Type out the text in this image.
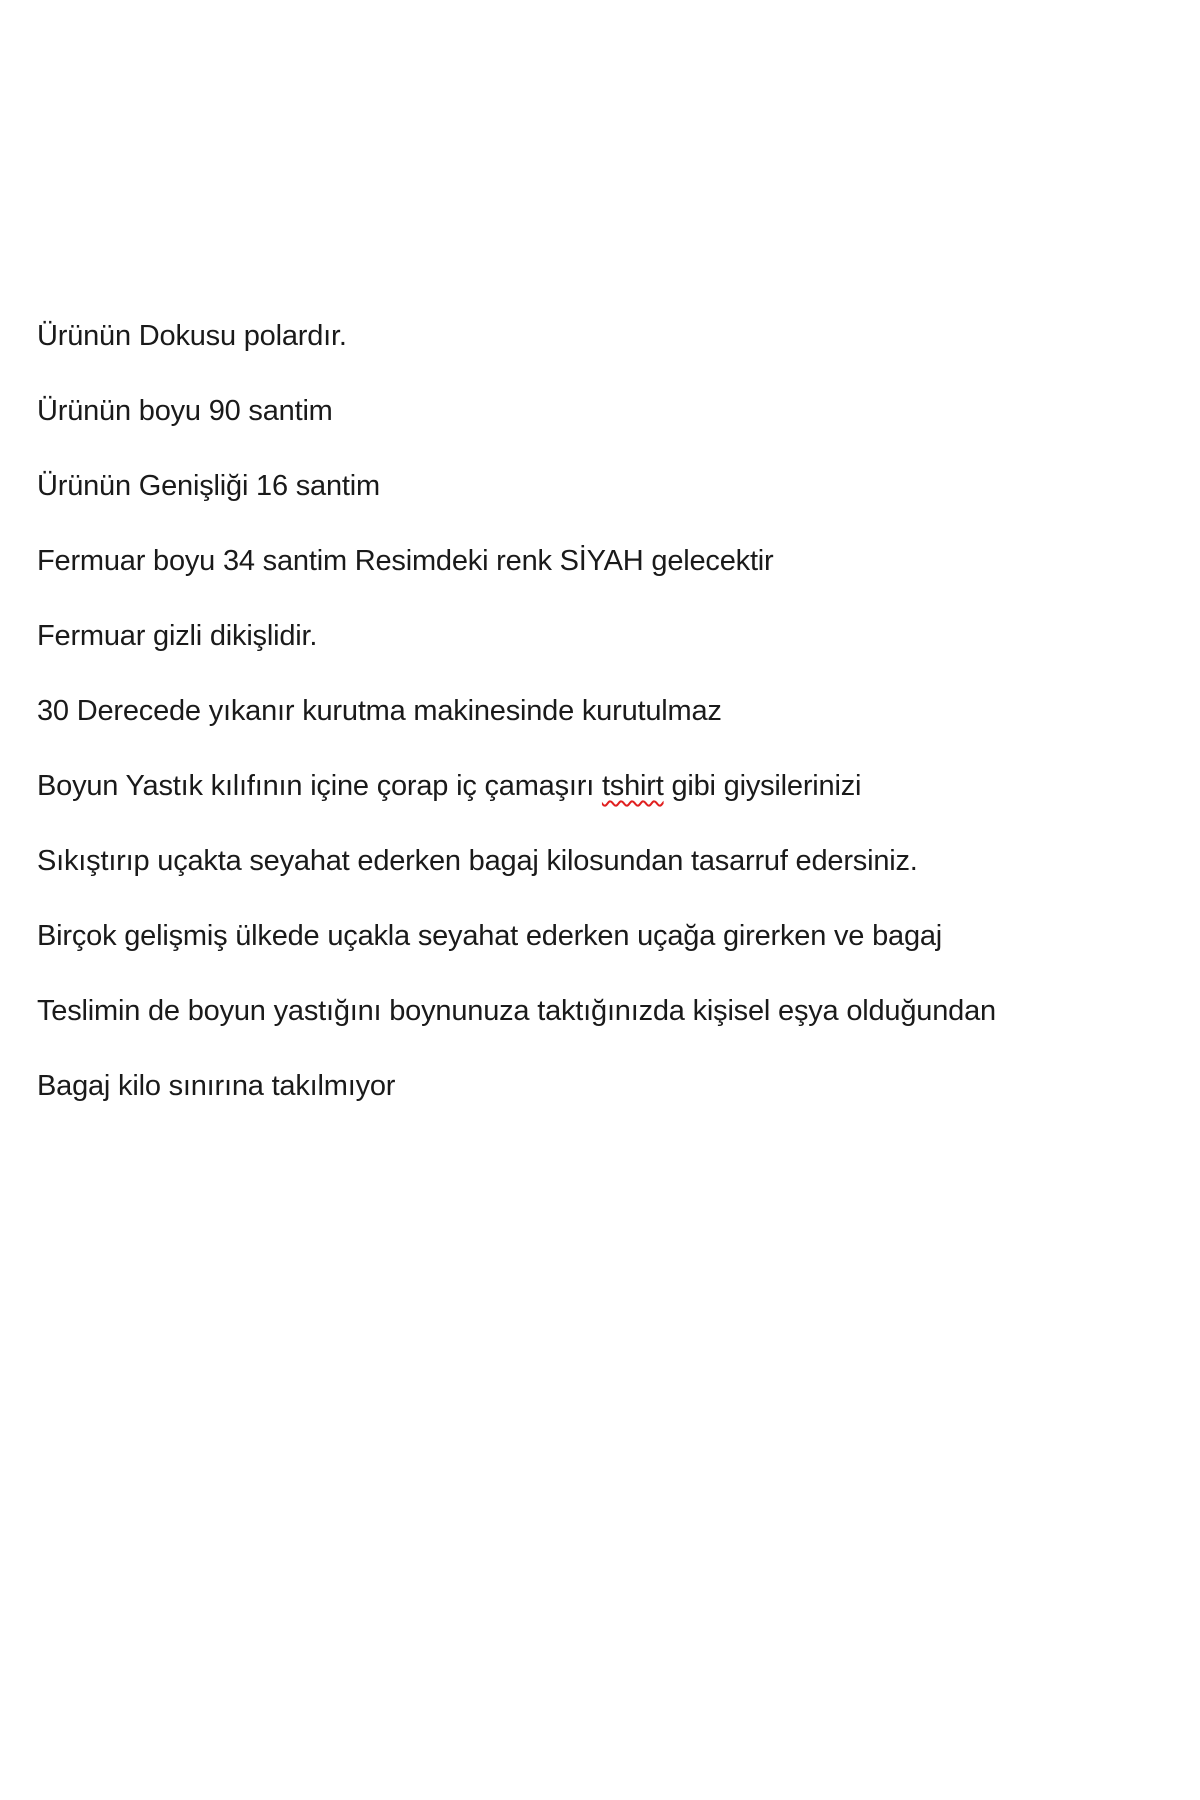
Ürünün Dokusu polardır.

Ürünün boyu 90 santim

Ürünün Genişliği 16 santim

Fermuar boyu 34 santim Resimdeki renk SİYAH gelecektir

Fermuar gizli dikişlidir.

30 Derecede yıkanır kurutma makinesinde kurutulmaz

Boyun Yastık kılıfının içine çorap iç çamaşırı tshirt gibi giysilerinizi

Sıkıştırıp uçakta seyahat ederken bagaj kilosundan tasarruf edersiniz.

Birçok gelişmiş ülkede uçakla seyahat ederken uçağa girerken ve bagaj

Teslimin de boyun yastığını boynunuza taktığınızda kişisel eşya olduğundan

Bagaj kilo sınırına takılmıyor
